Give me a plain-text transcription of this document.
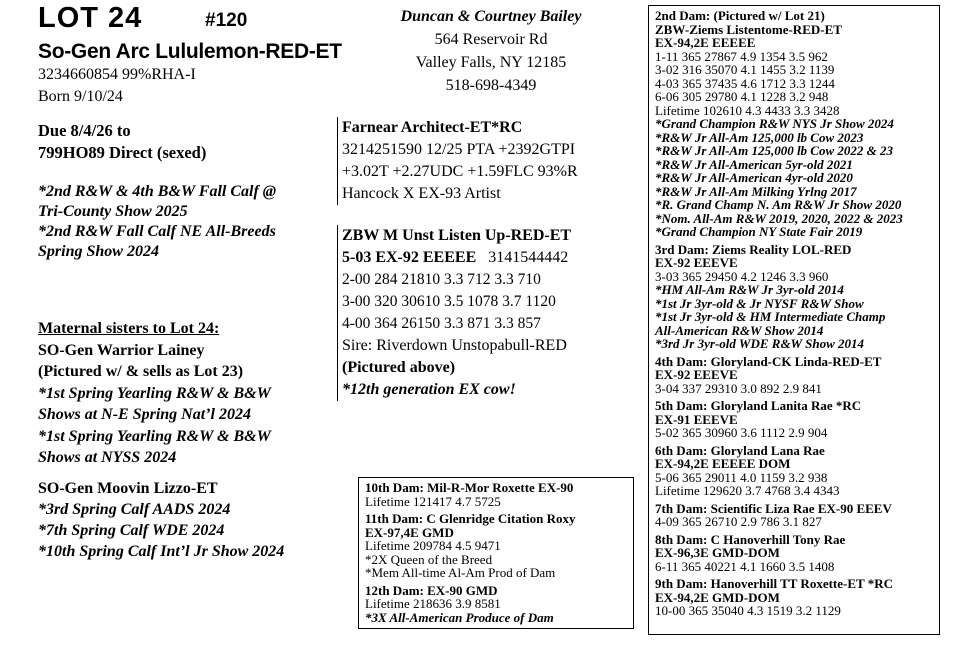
LOT 24	#120
So-Gen Arc Lululemon-RED-ET
3234660854 99%RHA-I
Born 9/10/24
Due 8/4/26 to
799HO89 Direct (sexed)
*2nd R&W & 4th B&W Fall Calf @
Tri-County Show 2025
*2nd R&W Fall Calf NE All-Breeds
Spring Show 2024
Maternal sisters to Lot 24:
SO-Gen Warrior Lainey
(Pictured w/ & sells as Lot 23)
*1st Spring Yearling R&W & B&W
Shows at N-E Spring Nat’l 2024
*1st Spring Yearling R&W & B&W
Shows at NYSS 2024
SO-Gen Moovin Lizzo-ET
*3rd Spring Calf AADS 2024
*7th Spring Calf WDE 2024
*10th Spring Calf Int’l Jr Show 2024
Duncan & Courtney Bailey
564 Reservoir Rd
Valley Falls, NY 12185
518-698-4349
Farnear Architect-ET*RC
3214251590 12/25 PTA +2392GTPI
+3.02T +2.27UDC +1.59FLC 93%R
Hancock X EX-93 Artist
ZBW M Unst Listen Up-RED-ET
5-03 EX-92 EEEEE 3141544442
2-00 284 21810 3.3 712 3.3 710
3-00 320 30610 3.5 1078 3.7 1120
4-00 364 26150 3.3 871 3.3 857
Sire: Riverdown Unstopabull-RED
(Pictured above)
*12th generation EX cow!
10th Dam: Mil-R-Mor Roxette EX-90
Lifetime 121417 4.7 5725
11th Dam: C Glenridge Citation Roxy
EX-97,4E GMD
Lifetime 209784 4.5 9471
*2X Queen of the Breed
*Mem All-time Al-Am Prod of Dam
12th Dam: EX-90 GMD
Lifetime 218636 3.9 8581
*3X All-American Produce of Dam
2nd Dam: (Pictured w/ Lot 21)
ZBW-Ziems Listentome-RED-ET
EX-94,2E EEEEE
1-11 365 27867 4.9 1354 3.5 962
3-02 316 35070 4.1 1455 3.2 1139
4-03 365 37435 4.6 1712 3.3 1244
6-06 305 29780 4.1 1228 3.2 948
Lifetime 102610 4.3 4433 3.3 3428
*Grand Champion R&W NYS Jr Show 2024
*R&W Jr All-Am 125,000 lb Cow 2023
*R&W Jr All-Am 125,000 lb Cow 2022 & 23
*R&W Jr All-American 5yr-old 2021
*R&W Jr All-American 4yr-old 2020
*R&W Jr All-Am Milking Yrlng 2017
*R. Grand Champ N. Am R&W Jr Show 2020
*Nom. All-Am R&W 2019, 2020, 2022 & 2023
*Grand Champion NY State Fair 2019
3rd Dam: Ziems Reality LOL-RED
EX-92 EEEVE
3-03 365 29450 4.2 1246 3.3 960
*HM All-Am R&W Jr 3yr-old 2014
*1st Jr 3yr-old & Jr NYSF R&W Show
*1st Jr 3yr-old & HM Intermediate Champ
All-American R&W Show 2014
*3rd Jr 3yr-old WDE R&W Show 2014
4th Dam: Gloryland-CK Linda-RED-ET
EX-92 EEEVE
3-04 337 29310 3.0 892 2.9 841
5th Dam: Gloryland Lanita Rae *RC
EX-91 EEEVE
5-02 365 30960 3.6 1112 2.9 904
6th Dam: Gloryland Lana Rae
EX-94,2E EEEEE DOM
5-06 365 29011 4.0 1159 3.2 938
Lifetime 129620 3.7 4768 3.4 4343
7th Dam: Scientific Liza Rae EX-90 EEEV
4-09 365 26710 2.9 786 3.1 827
8th Dam: C Hanoverhill Tony Rae
EX-96,3E GMD-DOM
6-11 365 40221 4.1 1660 3.5 1408
9th Dam: Hanoverhill TT Roxette-ET *RC
EX-94,2E GMD-DOM
10-00 365 35040 4.3 1519 3.2 1129
